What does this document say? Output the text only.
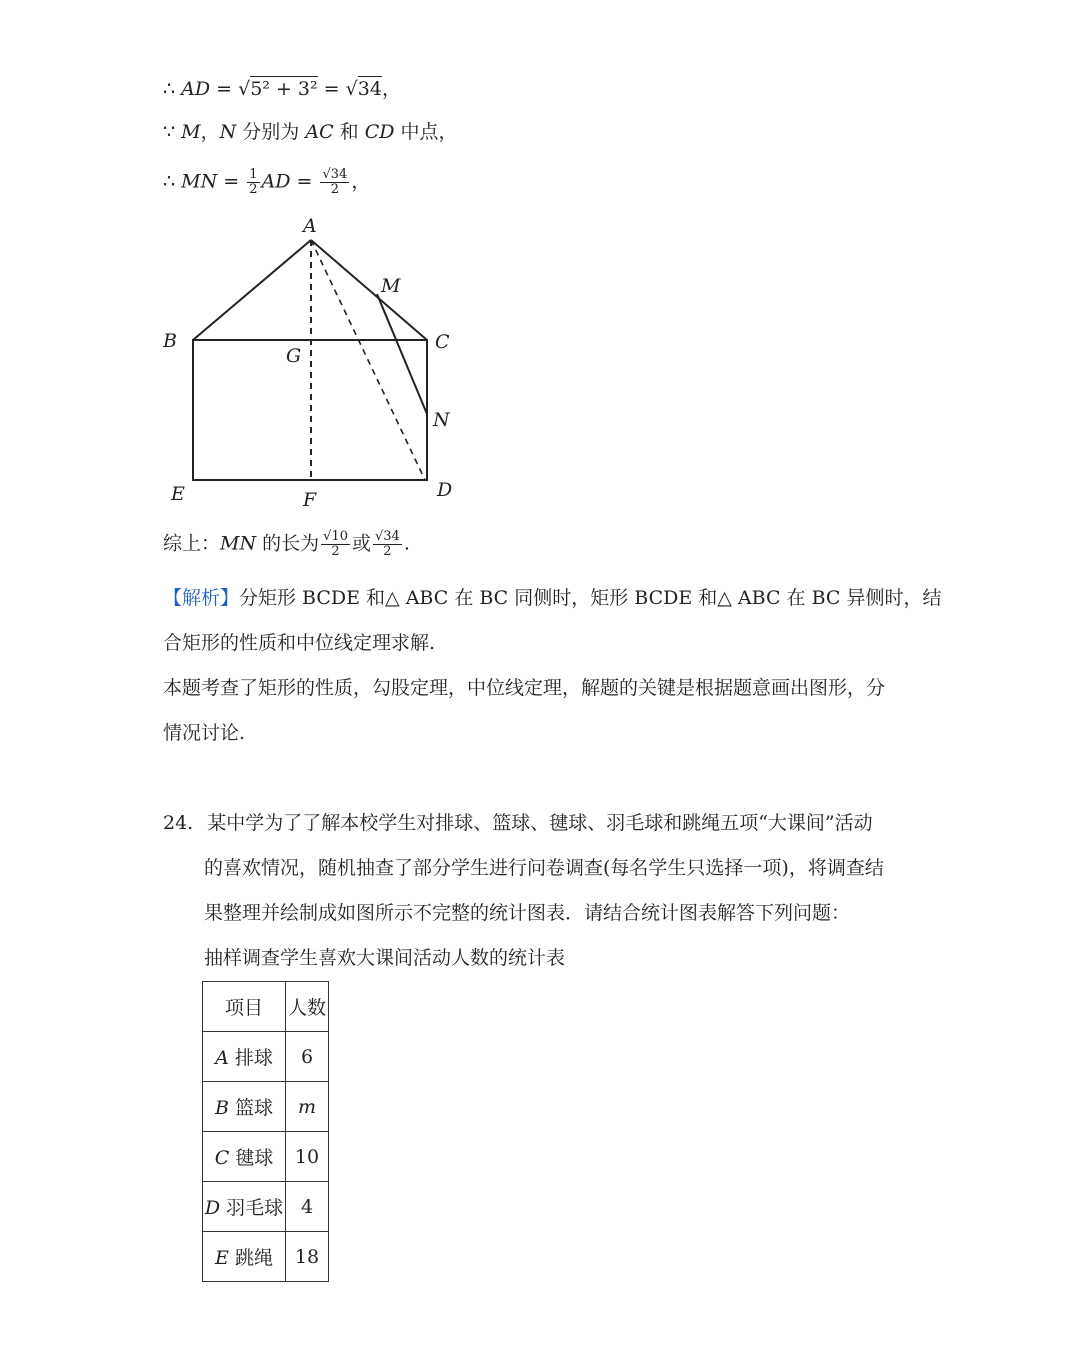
∴ AD = √5² + 3² = √34，
∵ M，N 分别为 AC 和 CD 中点，
∴ MN = $\frac{1}{2}$ AD = $\frac{√34}{2}$ ，
A
B	C
D
E	F
G
M
N
综上：MN 的长为 $\frac{√10}{2}$ 或 $\frac{√34}{2}$ .
【解析】分矩形 BCDE 和△ ABC 在 BC 同侧时，矩形 BCDE 和△ ABC 在 BC 异侧时，结
合矩形的性质和中位线定理求解.
本题考查了矩形的性质，勾股定理，中位线定理，解题的关键是根据题意画出图形，分
情况讨论.
24. 某中学为了了解本校学生对排球、篮球、毽球、羽毛球和跳绳五项“大课间”活动
的喜欢情况，随机抽查了部分学生进行问卷调查(每名学生只选择一项)，将调查结
果整理并绘制成如图所示不完整的统计图表．请结合统计图表解答下列问题：
抽样调查学生喜欢大课间活动人数的统计表
项目	人数
A 排球	6
B 篮球	m
C 毽球	10
D 羽毛球	4
E 跳绳	18
